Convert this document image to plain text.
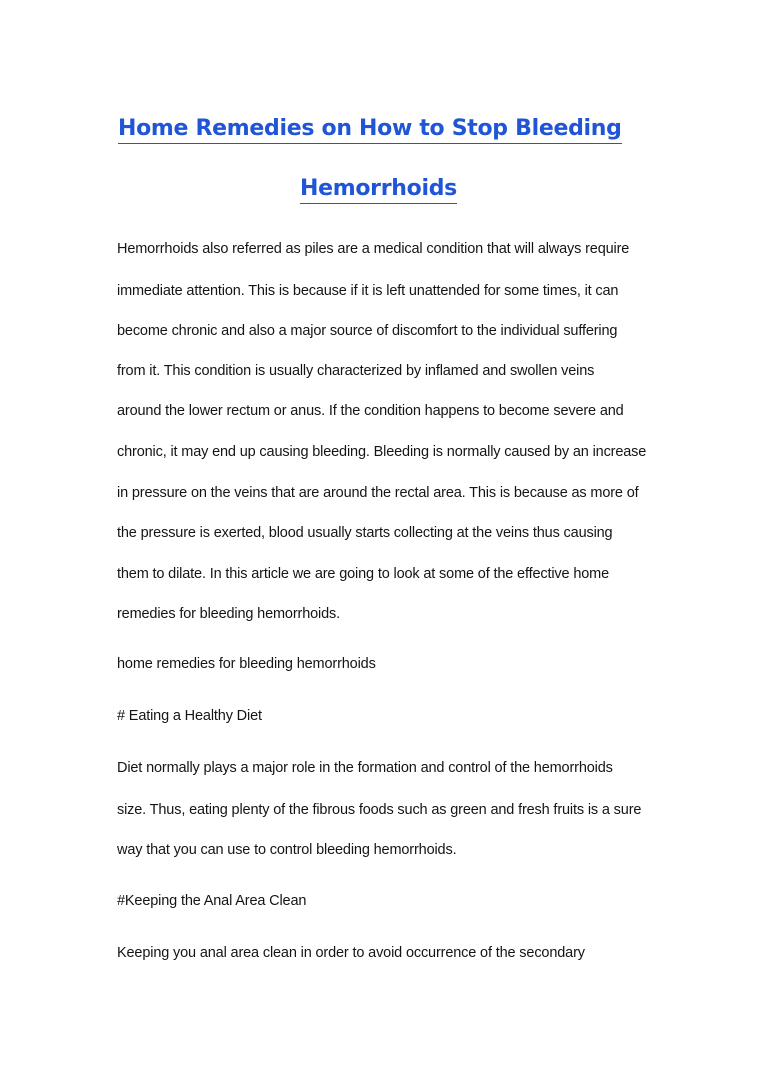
Home Remedies on How to Stop Bleeding
Hemorrhoids
Hemorrhoids also referred as piles are a medical condition that will always require
immediate attention. This is because if it is left unattended for some times, it can
become chronic and also a major source of discomfort to the individual suffering
from it. This condition is usually characterized by inflamed and swollen veins
around the lower rectum or anus. If the condition happens to become severe and
chronic, it may end up causing bleeding. Bleeding is normally caused by an increase
in pressure on the veins that are around the rectal area. This is because as more of
the pressure is exerted, blood usually starts collecting at the veins thus causing
them to dilate. In this article we are going to look at some of the effective home
remedies for bleeding hemorrhoids.
home remedies for bleeding hemorrhoids
# Eating a Healthy Diet
Diet normally plays a major role in the formation and control of the hemorrhoids
size. Thus, eating plenty of the fibrous foods such as green and fresh fruits is a sure
way that you can use to control bleeding hemorrhoids.
#Keeping the Anal Area Clean
Keeping you anal area clean in order to avoid occurrence of the secondary
